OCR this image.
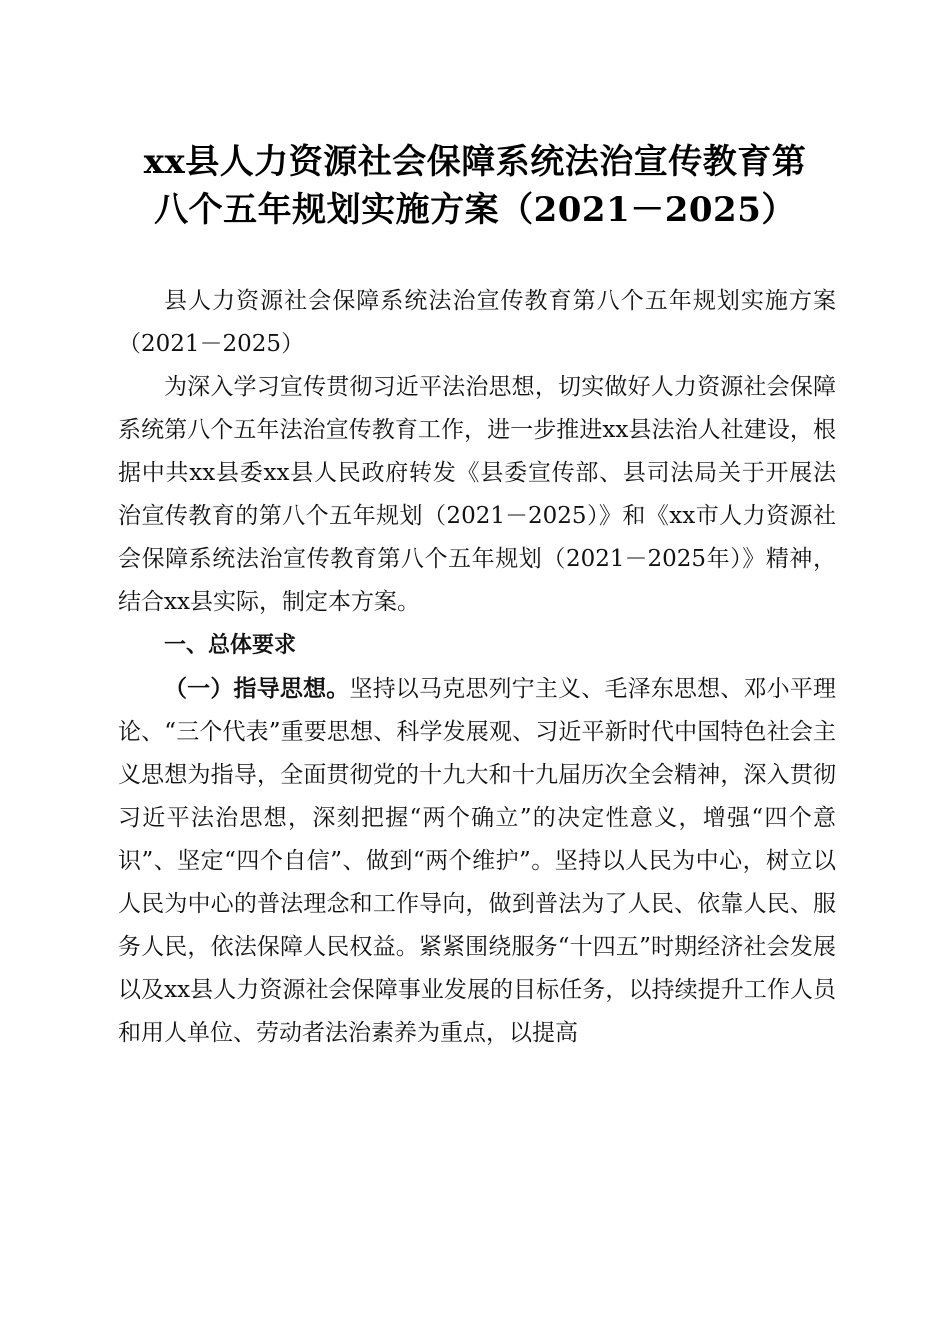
xx县人力资源社会保障系统法治宣传教育第
八个五年规划实施方案（2021－2025）

县人力资源社会保障系统法治宣传教育第八个五年规划实施方案（2021－2025）

为深入学习宣传贯彻习近平法治思想，切实做好人力资源社会保障系统第八个五年法治宣传教育工作，进一步推进xx县法治人社建设，根据中共xx县委xx县人民政府转发《县委宣传部、县司法局关于开展法治宣传教育的第八个五年规划（2021－2025）》和《xx市人力资源社会保障系统法治宣传教育第八个五年规划（2021－2025年）》精神，结合xx县实际，制定本方案。

一、总体要求

（一）指导思想。坚持以马克思列宁主义、毛泽东思想、邓小平理论、“三个代表”重要思想、科学发展观、习近平新时代中国特色社会主义思想为指导，全面贯彻党的十九大和十九届历次全会精神，深入贯彻习近平法治思想，深刻把握“两个确立”的决定性意义，增强“四个意识”、坚定“四个自信”、做到“两个维护”。坚持以人民为中心，树立以人民为中心的普法理念和工作导向，做到普法为了人民、依靠人民、服务人民，依法保障人民权益。紧紧围绕服务“十四五”时期经济社会发展以及xx县人力资源社会保障事业发展的目标任务，以持续提升工作人员和用人单位、劳动者法治素养为重点，以提高
